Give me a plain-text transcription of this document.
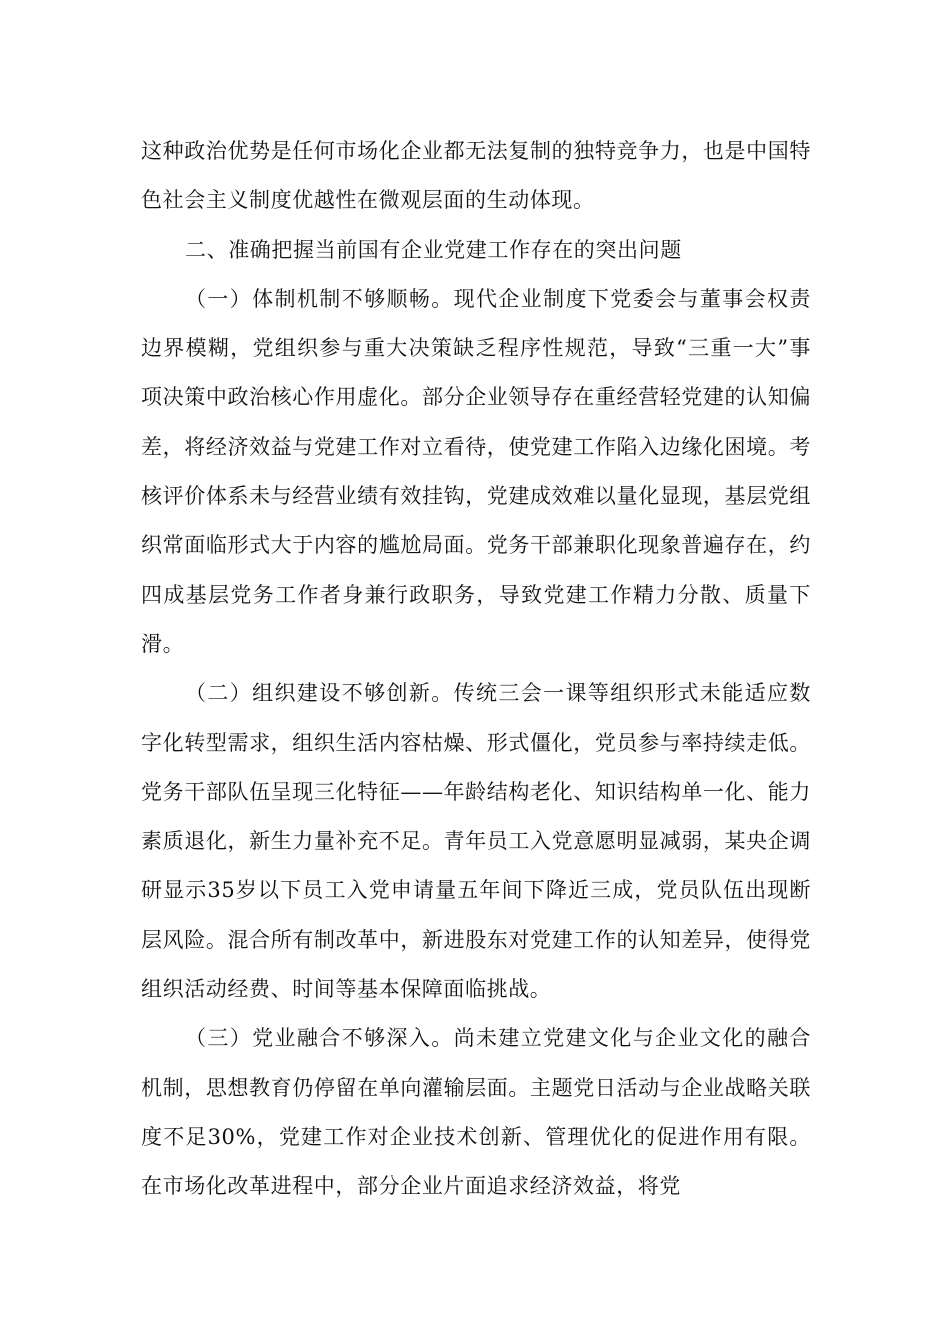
这种政治优势是任何市场化企业都无法复制的独特竞争力，也是中国特色社会主义制度优越性在微观层面的生动体现。

二、准确把握当前国有企业党建工作存在的突出问题

（一）体制机制不够顺畅。现代企业制度下党委会与董事会权责边界模糊，党组织参与重大决策缺乏程序性规范，导致“三重一大”事项决策中政治核心作用虚化。部分企业领导存在重经营轻党建的认知偏差，将经济效益与党建工作对立看待，使党建工作陷入边缘化困境。考核评价体系未与经营业绩有效挂钩，党建成效难以量化显现，基层党组织常面临形式大于内容的尴尬局面。党务干部兼职化现象普遍存在，约四成基层党务工作者身兼行政职务，导致党建工作精力分散、质量下滑。

（二）组织建设不够创新。传统三会一课等组织形式未能适应数字化转型需求，组织生活内容枯燥、形式僵化，党员参与率持续走低。党务干部队伍呈现三化特征——年龄结构老化、知识结构单一化、能力素质退化，新生力量补充不足。青年员工入党意愿明显减弱，某央企调研显示35岁以下员工入党申请量五年间下降近三成，党员队伍出现断层风险。混合所有制改革中，新进股东对党建工作的认知差异，使得党组织活动经费、时间等基本保障面临挑战。

（三）党业融合不够深入。尚未建立党建文化与企业文化的融合机制，思想教育仍停留在单向灌输层面。主题党日活动与企业战略关联度不足30%，党建工作对企业技术创新、管理优化的促进作用有限。在市场化改革进程中，部分企业片面追求经济效益，将党
